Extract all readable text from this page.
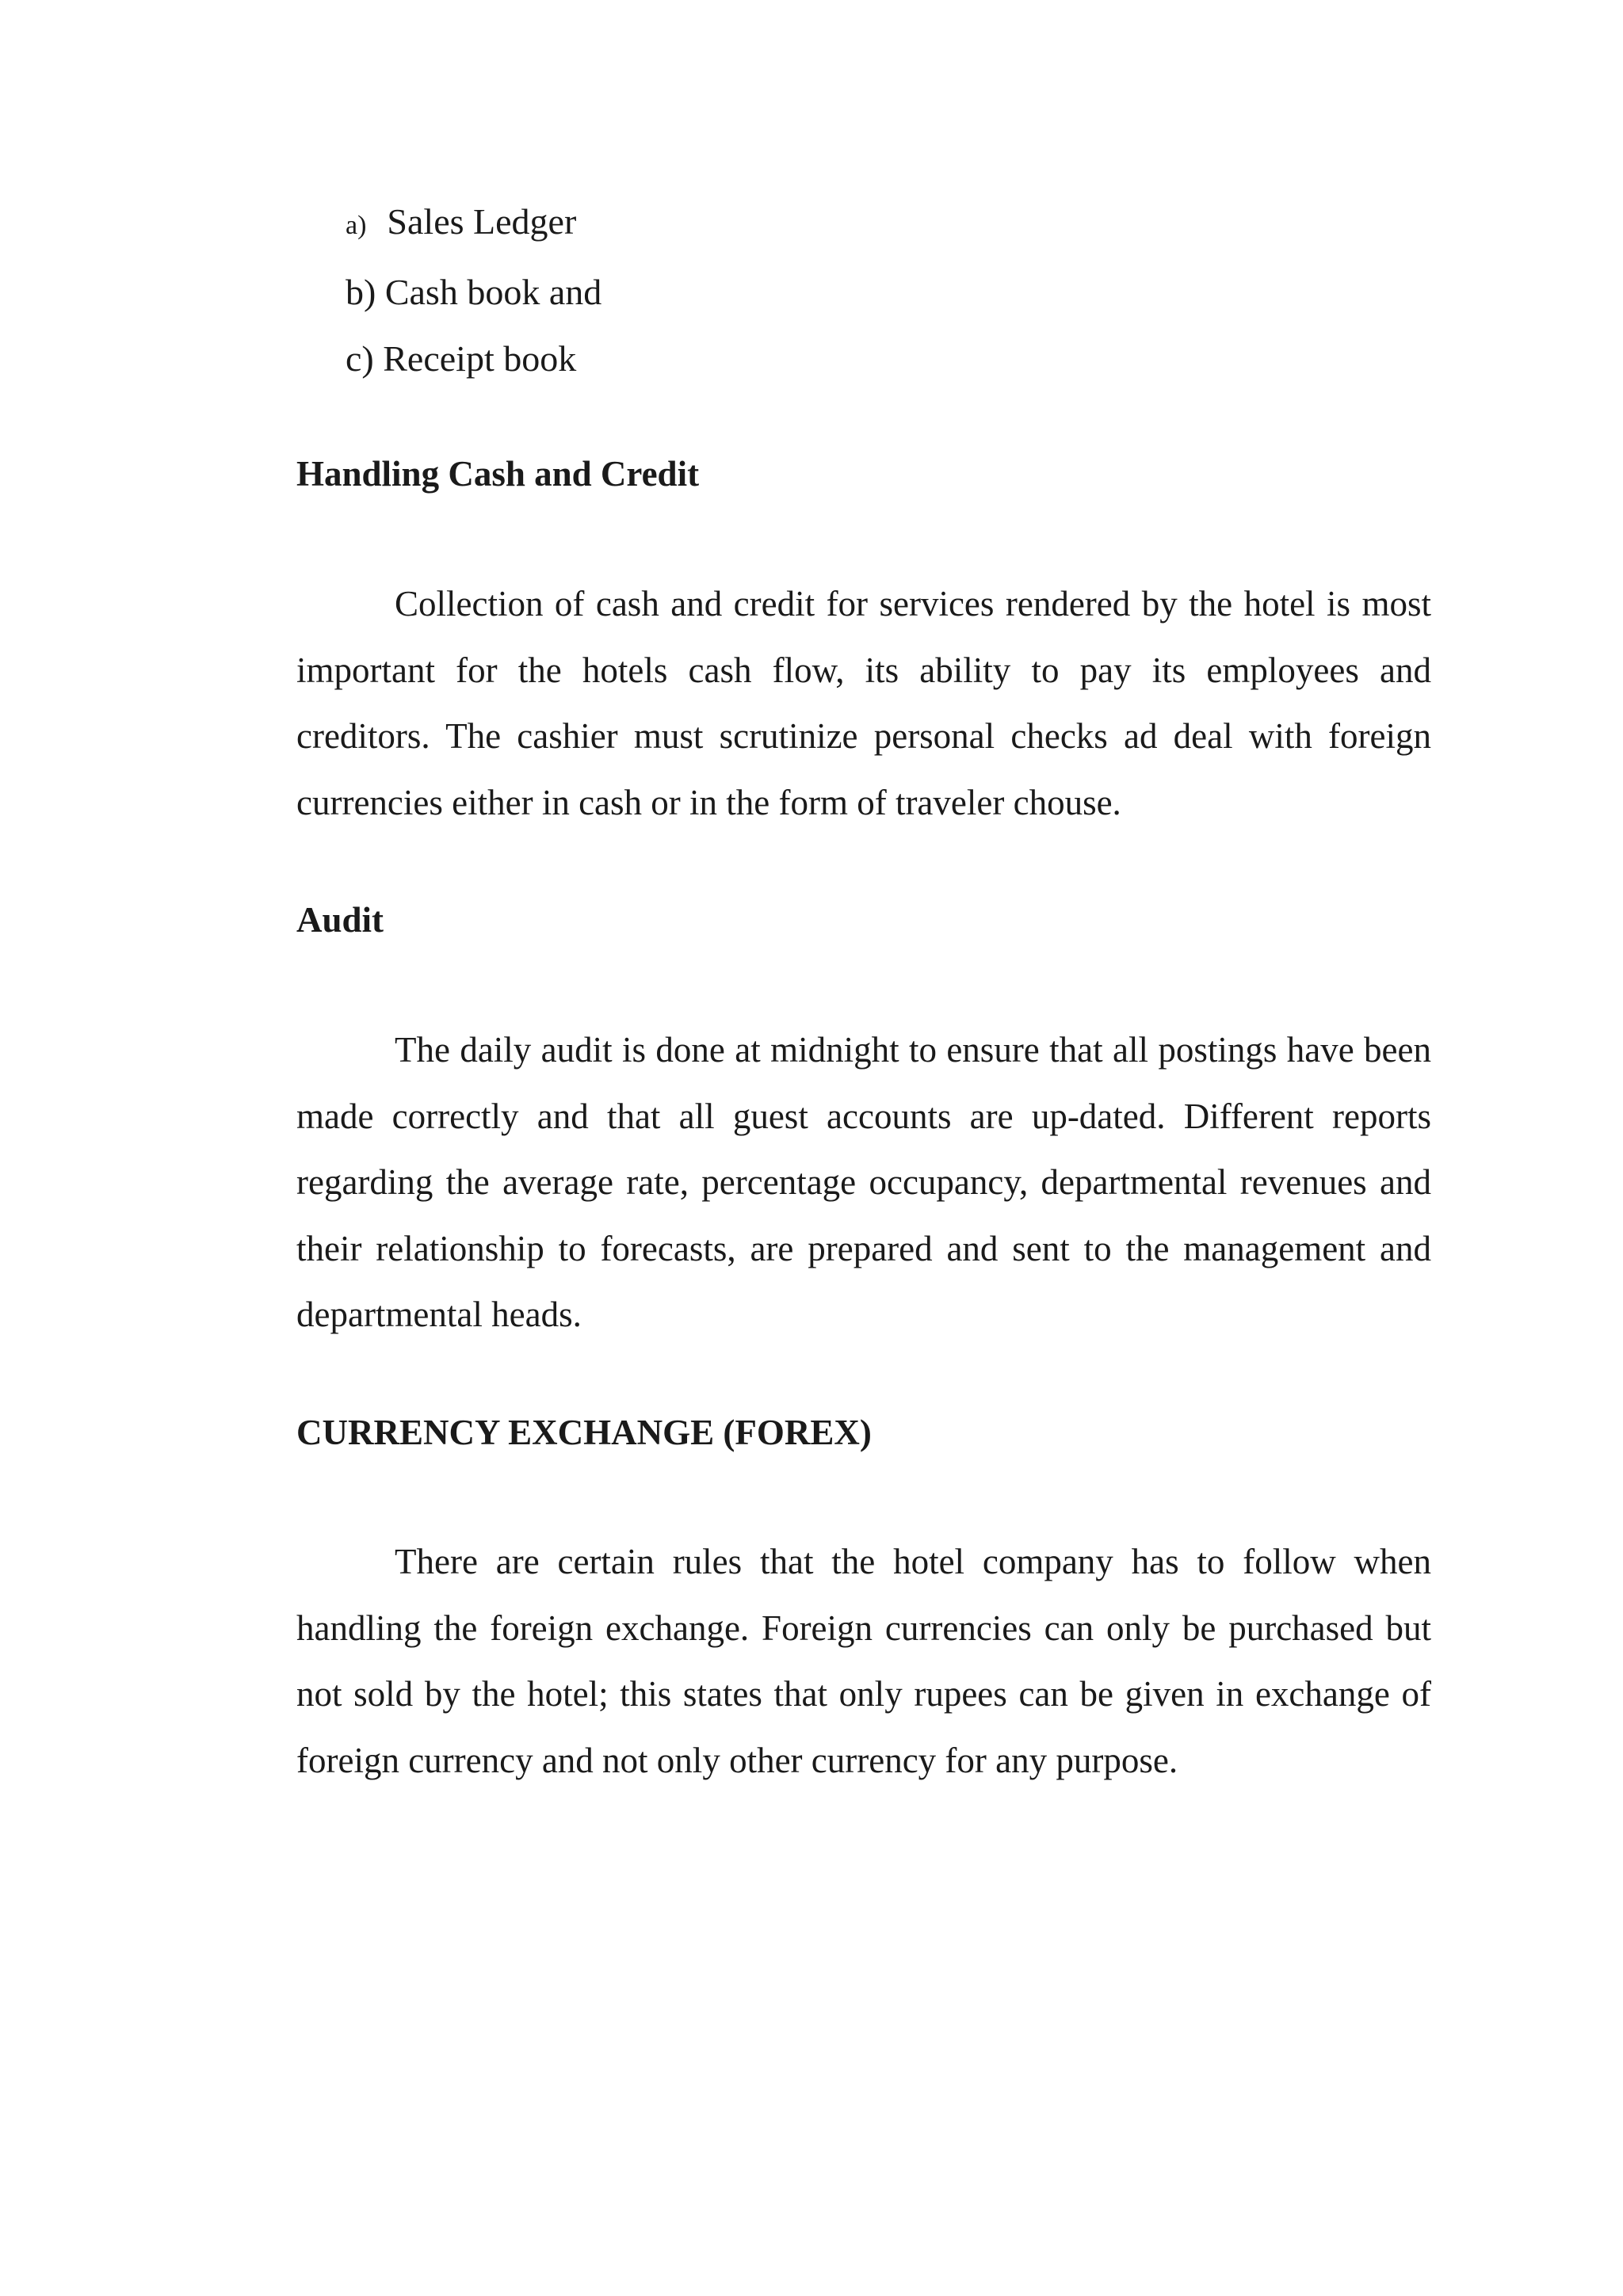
a) Sales Ledger
b) Cash book and
c) Receipt book
Handling Cash and Credit

Collection of cash and credit for services rendered by the hotel is most important for the hotels cash flow, its ability to pay its employees and creditors. The cashier must scrutinize personal checks ad deal with foreign currencies either in cash or in the form of traveler chouse.

Audit

The daily audit is done at midnight to ensure that all postings have been made correctly and that all guest accounts are up-dated. Different reports regarding the average rate, percentage occupancy, departmental revenues and their relationship to forecasts, are prepared and sent to the management and departmental heads.

CURRENCY EXCHANGE (FOREX)

There are certain rules that the hotel company has to follow when handling the foreign exchange. Foreign currencies can only be purchased but not sold by the hotel; this states that only rupees can be given in exchange of foreign currency and not only other currency for any purpose.
